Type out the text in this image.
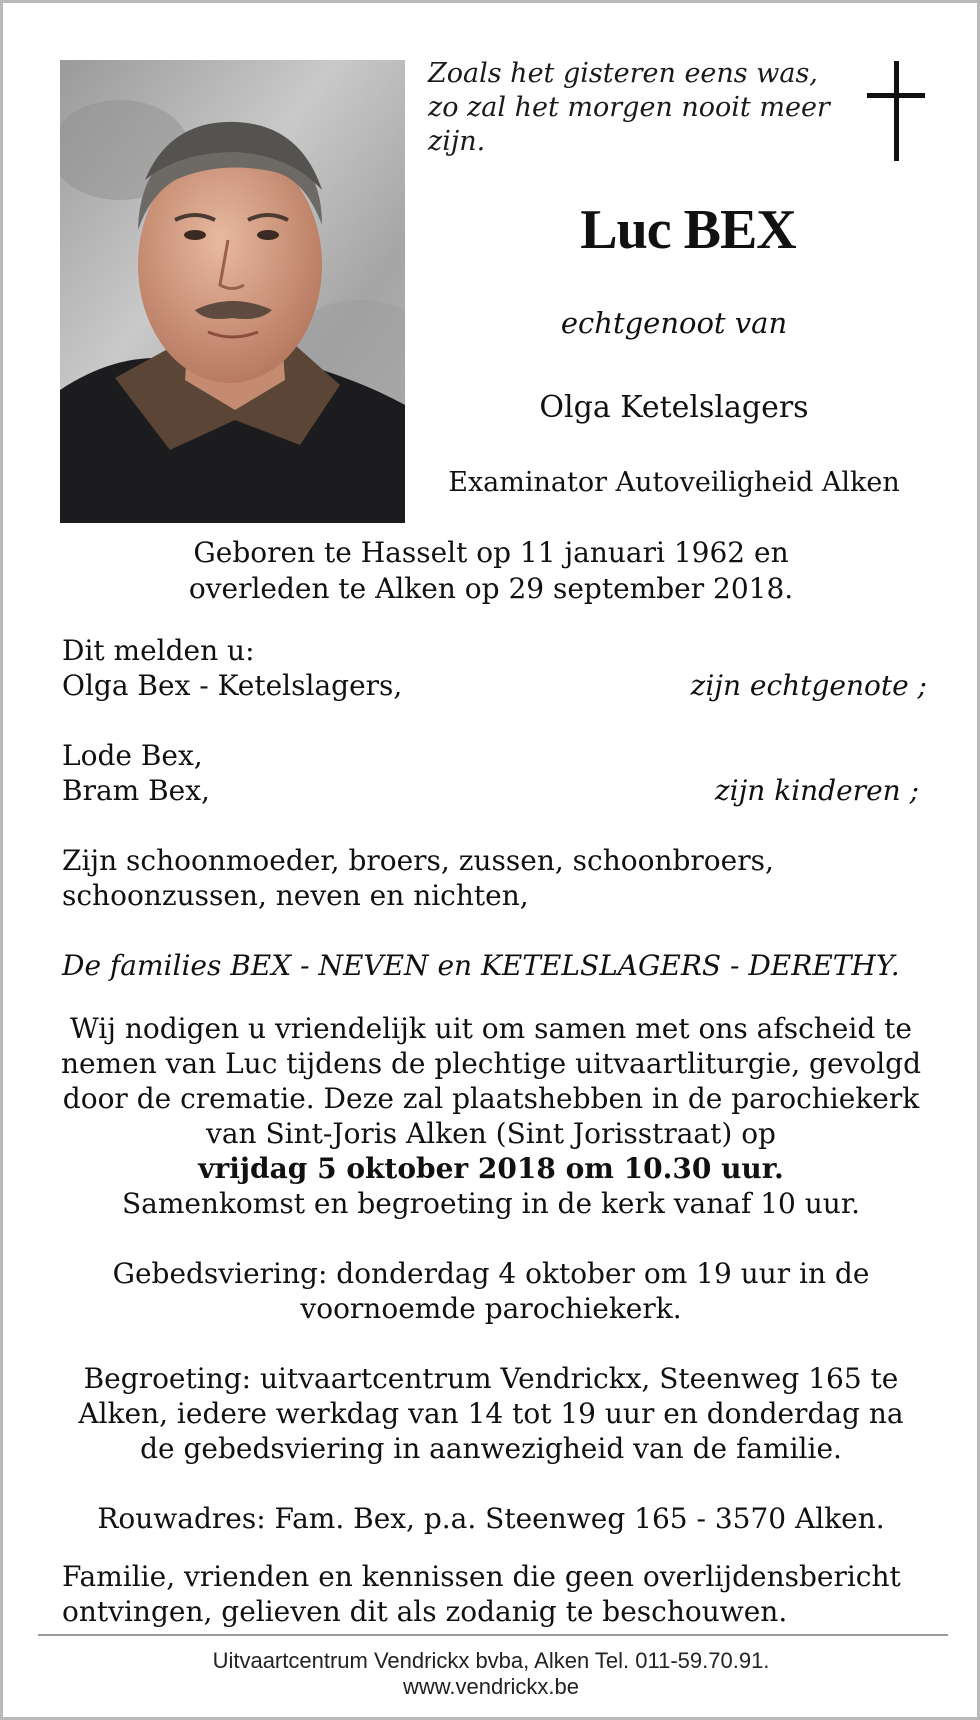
Zoals het gisteren eens was,
zo zal het morgen nooit meer
zijn.
Luc BEX
echtgenoot van
Olga Ketelslagers
Examinator Autoveiligheid Alken
Geboren te Hasselt op 11 januari 1962 en
overleden te Alken op 29 september 2018.
Dit melden u:
Olga Bex - Ketelslagers,	zijn echtgenote ;
Lode Bex,
Bram Bex,	zijn kinderen ;
Zijn schoonmoeder, broers, zussen, schoonbroers,
schoonzussen, neven en nichten,
De families BEX - NEVEN en KETELSLAGERS - DERETHY.
Wij nodigen u vriendelijk uit om samen met ons afscheid te
nemen van Luc tijdens de plechtige uitvaartliturgie, gevolgd
door de crematie. Deze zal plaatshebben in de parochiekerk
van Sint-Joris Alken (Sint Jorisstraat) op
vrijdag 5 oktober 2018 om 10.30 uur.
Samenkomst en begroeting in de kerk vanaf 10 uur.
Gebedsviering: donderdag 4 oktober om 19 uur in de
voornoemde parochiekerk.
Begroeting: uitvaartcentrum Vendrickx, Steenweg 165 te
Alken, iedere werkdag van 14 tot 19 uur en donderdag na
de gebedsviering in aanwezigheid van de familie.
Rouwadres: Fam. Bex, p.a. Steenweg 165 - 3570 Alken.
Familie, vrienden en kennissen die geen overlijdensbericht
ontvingen, gelieven dit als zodanig te beschouwen.
Uitvaartcentrum Vendrickx bvba, Alken Tel. 011-59.70.91.
www.vendrickx.be
